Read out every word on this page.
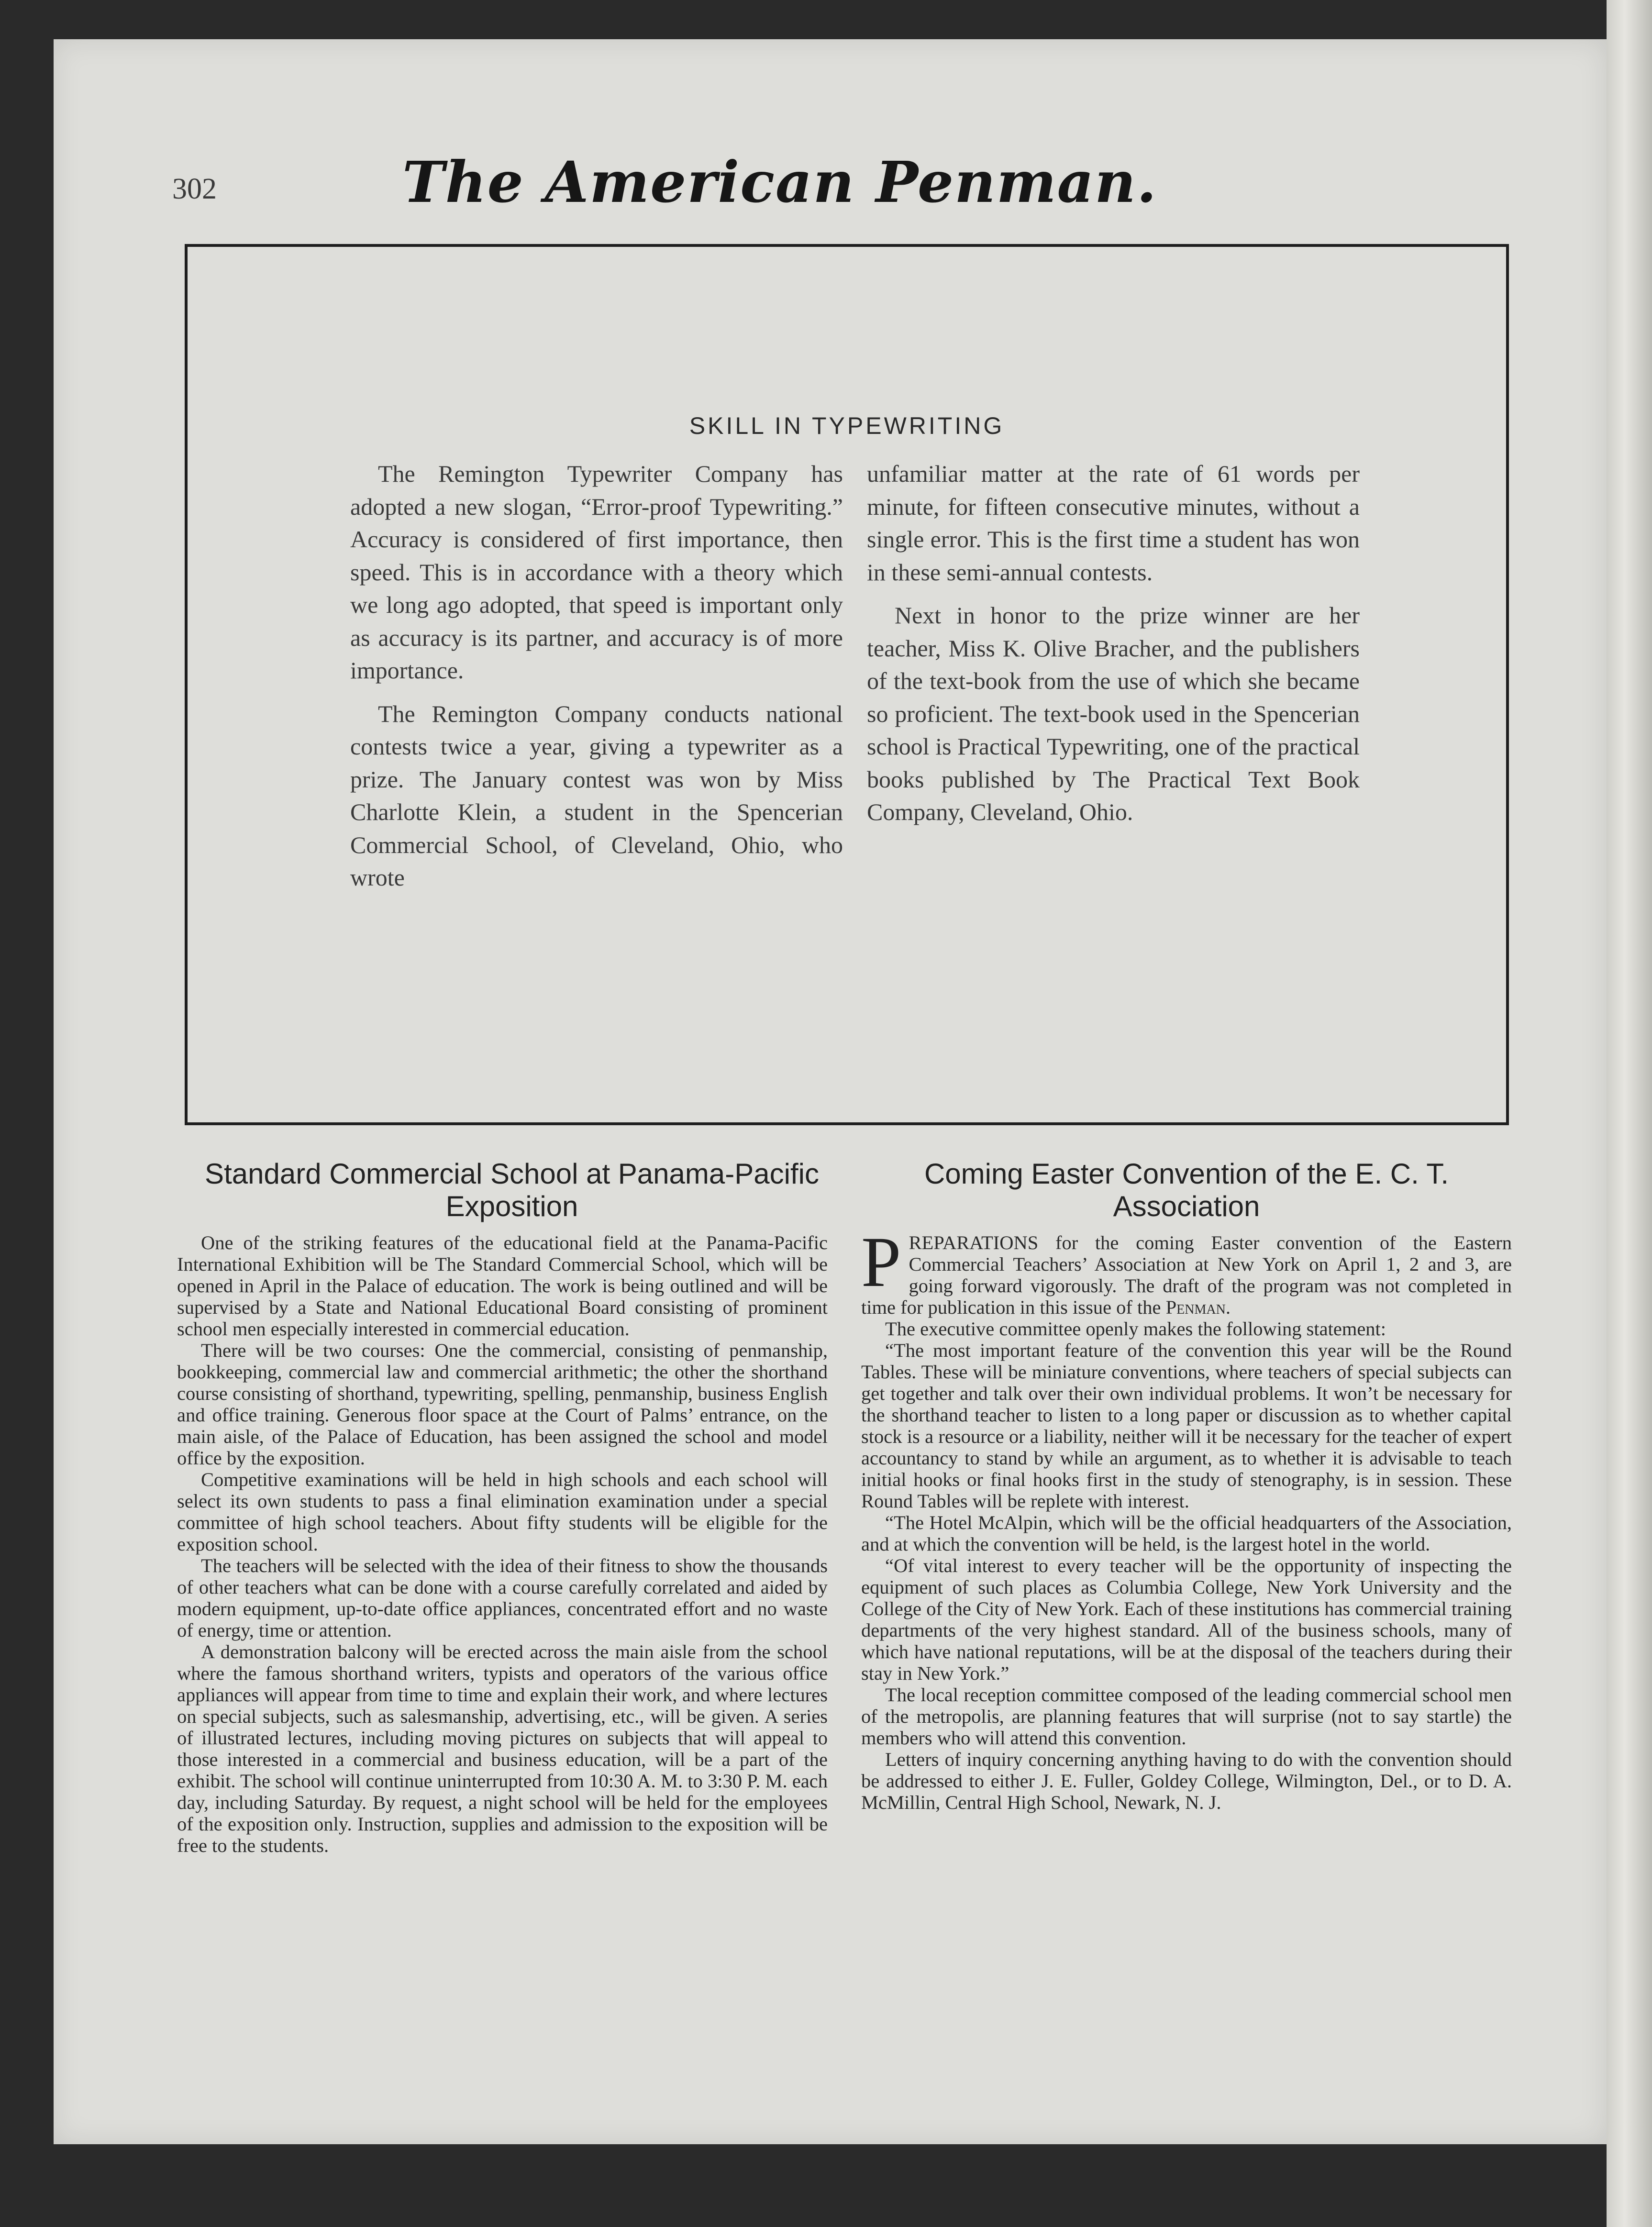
302	The American Penman.
SKILL IN TYPEWRITING

The Remington Typewriter Company has adopted a new slogan, “Error-proof Typewriting.” Accuracy is considered of first importance, then speed. This is in accordance with a theory which we long ago adopted, that speed is important only as accuracy is its partner, and accuracy is of more importance.

The Remington Company conducts national contests twice a year, giving a typewriter as a prize. The January contest was won by Miss Charlotte Klein, a student in the Spencerian Commercial School, of Cleveland, Ohio, who wrote

unfamiliar matter at the rate of 61 words per minute, for fifteen consecutive minutes, without a single error. This is the first time a student has won in these semi-annual contests.

Next in honor to the prize winner are her teacher, Miss K. Olive Bracher, and the publishers of the text-book from the use of which she became so proficient. The text-book used in the Spencerian school is Practical Typewriting, one of the practical books published by The Practical Text Book Company, Cleveland, Ohio.

Standard Commercial School at Panama-Pacific Exposition

One of the striking features of the educational field at the Panama-Pacific International Exhibition will be The Standard Commercial School, which will be opened in April in the Palace of education. The work is being outlined and will be supervised by a State and National Educational Board consisting of prominent school men especially interested in commercial education.

There will be two courses: One the commercial, consisting of penmanship, bookkeeping, commercial law and commercial arithmetic; the other the shorthand course consisting of shorthand, typewriting, spelling, penmanship, business English and office training. Generous floor space at the Court of Palms’ entrance, on the main aisle, of the Palace of Education, has been assigned the school and model office by the exposition.

Competitive examinations will be held in high schools and each school will select its own students to pass a final elimination examination under a special committee of high school teachers. About fifty students will be eligible for the exposition school.

The teachers will be selected with the idea of their fitness to show the thousands of other teachers what can be done with a course carefully correlated and aided by modern equipment, up-to-date office appliances, concentrated effort and no waste of energy, time or attention.

A demonstration balcony will be erected across the main aisle from the school where the famous shorthand writers, typists and operators of the various office appliances will appear from time to time and explain their work, and where lectures on special subjects, such as salesmanship, advertising, etc., will be given. A series of illustrated lectures, including moving pictures on subjects that will appeal to those interested in a commercial and business education, will be a part of the exhibit. The school will continue uninterrupted from 10:30 A. M. to 3:30 P. M. each day, including Saturday. By request, a night school will be held for the employees of the exposition only. Instruction, supplies and admission to the exposition will be free to the students.

Coming Easter Convention of the E. C. T. Association

PREPARATIONS for the coming Easter convention of the Eastern Commercial Teachers’ Association at New York on April 1, 2 and 3, are going forward vigorously. The draft of the program was not completed in time for publication in this issue of the Penman.

The executive committee openly makes the following statement:

“The most important feature of the convention this year will be the Round Tables. These will be miniature conventions, where teachers of special subjects can get together and talk over their own individual problems. It won’t be necessary for the shorthand teacher to listen to a long paper or discussion as to whether capital stock is a resource or a liability, neither will it be necessary for the teacher of expert accountancy to stand by while an argument, as to whether it is advisable to teach initial hooks or final hooks first in the study of stenography, is in session. These Round Tables will be replete with interest.

“The Hotel McAlpin, which will be the official headquarters of the Association, and at which the convention will be held, is the largest hotel in the world.

“Of vital interest to every teacher will be the opportunity of inspecting the equipment of such places as Columbia College, New York University and the College of the City of New York. Each of these institutions has commercial training departments of the very highest standard. All of the business schools, many of which have national reputations, will be at the disposal of the teachers during their stay in New York.”

The local reception committee composed of the leading commercial school men of the metropolis, are planning features that will surprise (not to say startle) the members who will attend this convention.

Letters of inquiry concerning anything having to do with the convention should be addressed to either J. E. Fuller, Goldey College, Wilmington, Del., or to D. A. McMillin, Central High School, Newark, N. J.
